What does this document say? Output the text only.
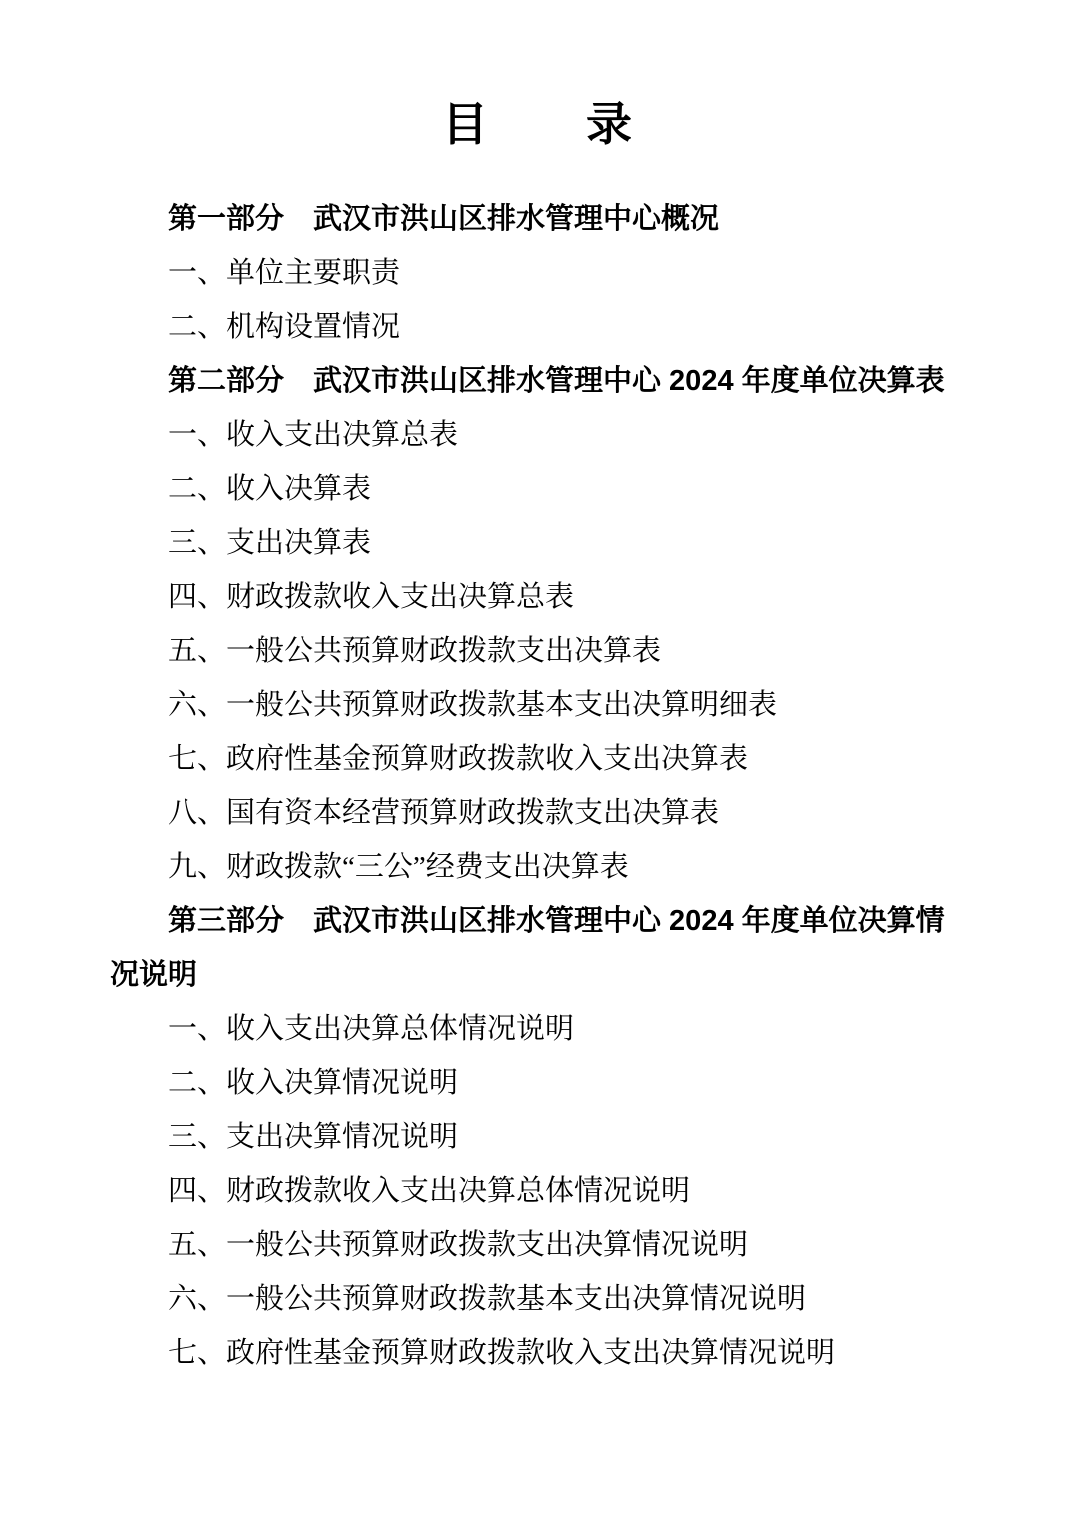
目　　录

第一部分　武汉市洪山区排水管理中心概况

一、单位主要职责

二、机构设置情况

第二部分　武汉市洪山区排水管理中心 2024 年度单位决算表

一、收入支出决算总表

二、收入决算表

三、支出决算表

四、财政拨款收入支出决算总表

五、一般公共预算财政拨款支出决算表

六、一般公共预算财政拨款基本支出决算明细表

七、政府性基金预算财政拨款收入支出决算表

八、国有资本经营预算财政拨款支出决算表

九、财政拨款“三公”经费支出决算表

第三部分　武汉市洪山区排水管理中心 2024 年度单位决算情况说明

一、收入支出决算总体情况说明

二、收入决算情况说明

三、支出决算情况说明

四、财政拨款收入支出决算总体情况说明

五、一般公共预算财政拨款支出决算情况说明

六、一般公共预算财政拨款基本支出决算情况说明

七、政府性基金预算财政拨款收入支出决算情况说明
